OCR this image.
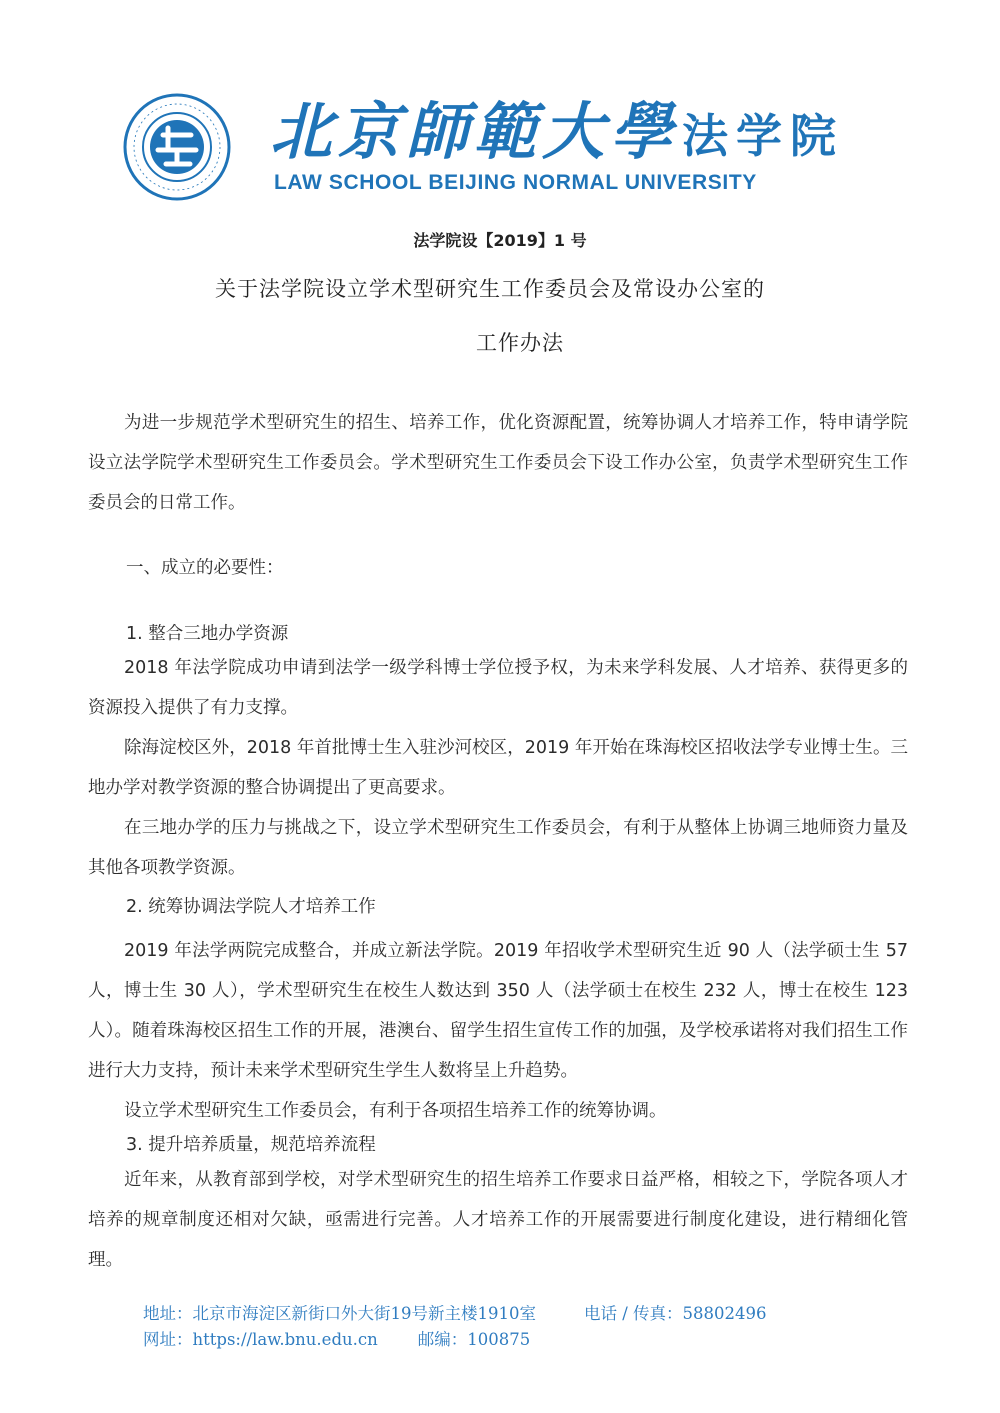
北京師範大學 法学院
LAW SCHOOL BEIJING NORMAL UNIVERSITY
法学院设【2019】1 号
关于法学院设立学术型研究生工作委员会及常设办公室的
工作办法

为进一步规范学术型研究生的招生、培养工作，优化资源配置，统筹协调人才培养工作，特申请学院设立法学院学术型研究生工作委员会。学术型研究生工作委员会下设工作办公室，负责学术型研究生工作委员会的日常工作。

一、成立的必要性：
1. 整合三地办学资源

2018 年法学院成功申请到法学一级学科博士学位授予权，为未来学科发展、人才培养、获得更多的资源投入提供了有力支撑。

除海淀校区外，2018 年首批博士生入驻沙河校区，2019 年开始在珠海校区招收法学专业博士生。三地办学对教学资源的整合协调提出了更高要求。

在三地办学的压力与挑战之下，设立学术型研究生工作委员会，有利于从整体上协调三地师资力量及其他各项教学资源。

2. 统筹协调法学院人才培养工作

2019 年法学两院完成整合，并成立新法学院。2019 年招收学术型研究生近 90 人（法学硕士生 57 人，博士生 30 人），学术型研究生在校生人数达到 350 人（法学硕士在校生 232 人，博士在校生 123 人）。随着珠海校区招生工作的开展，港澳台、留学生招生宣传工作的加强，及学校承诺将对我们招生工作进行大力支持，预计未来学术型研究生学生人数将呈上升趋势。

设立学术型研究生工作委员会，有利于各项招生培养工作的统筹协调。

3. 提升培养质量，规范培养流程

近年来，从教育部到学校，对学术型研究生的招生培养工作要求日益严格，相较之下，学院各项人才培养的规章制度还相对欠缺，亟需进行完善。人才培养工作的开展需要进行制度化建设，进行精细化管理。

地址：北京市海淀区新街口外大街19号新主楼1910室	电话 / 传真：58802496
网址：https://law.bnu.edu.cn 邮编：100875
